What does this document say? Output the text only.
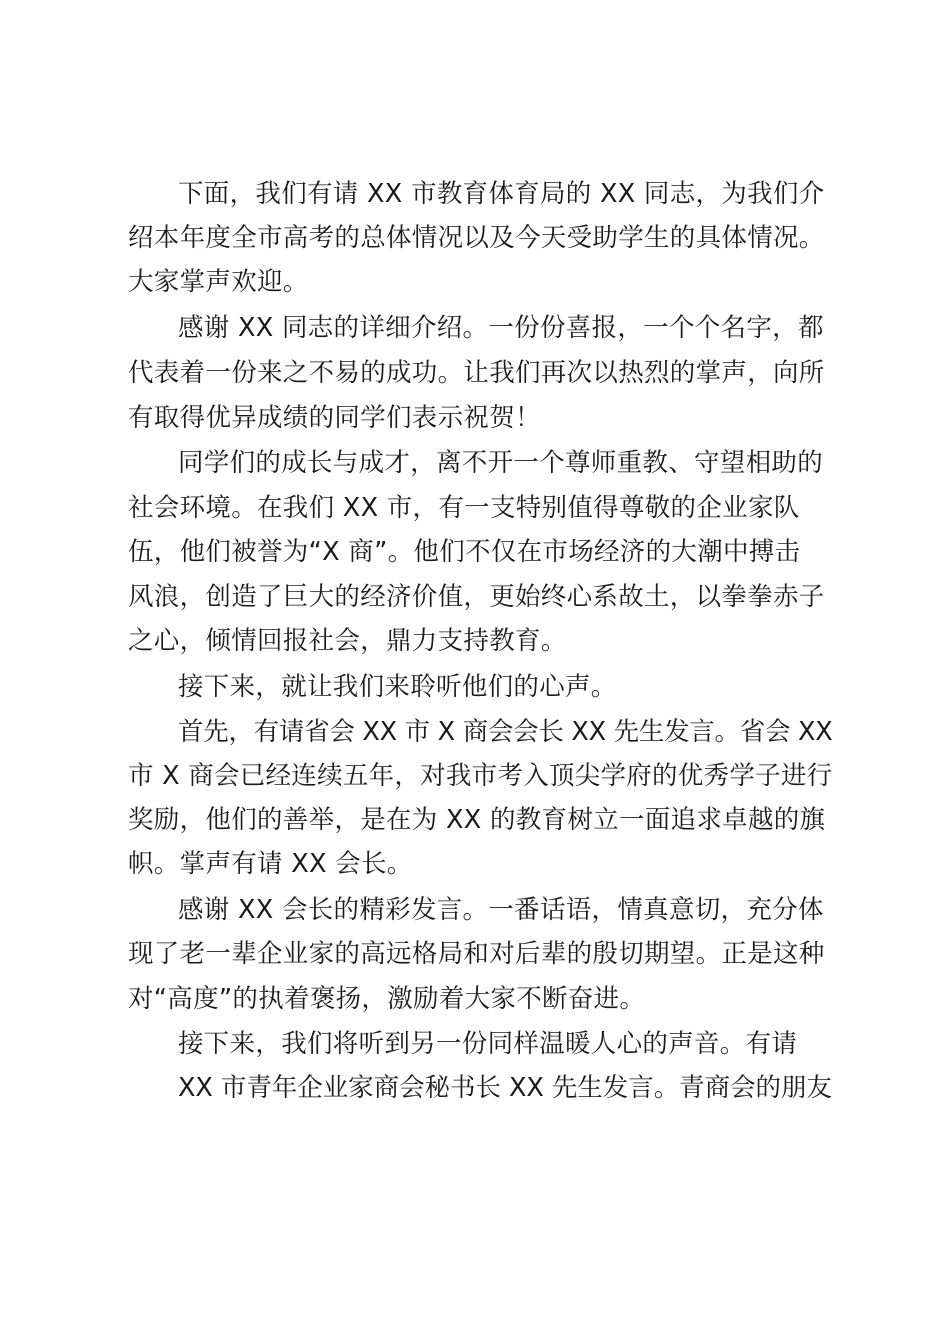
下面，我们有请 XX 市教育体育局的 XX 同志，为我们介

绍本年度全市高考的总体情况以及今天受助学生的具体情况。

大家掌声欢迎。

感谢 XX 同志的详细介绍。一份份喜报，一个个名字，都

代表着一份来之不易的成功。让我们再次以热烈的掌声，向所

有取得优异成绩的同学们表示祝贺！

同学们的成长与成才，离不开一个尊师重教、守望相助的

社会环境。在我们 XX 市，有一支特别值得尊敬的企业家队

伍，他们被誉为“X 商”。他们不仅在市场经济的大潮中搏击

风浪，创造了巨大的经济价值，更始终心系故土，以拳拳赤子

之心，倾情回报社会，鼎力支持教育。

接下来，就让我们来聆听他们的心声。

首先，有请省会 XX 市 X 商会会长 XX 先生发言。省会 XX

市 X 商会已经连续五年，对我市考入顶尖学府的优秀学子进行

奖励，他们的善举，是在为 XX 的教育树立一面追求卓越的旗

帜。掌声有请 XX 会长。

感谢 XX 会长的精彩发言。一番话语，情真意切，充分体

现了老一辈企业家的高远格局和对后辈的殷切期望。正是这种

对“高度”的执着褒扬，激励着大家不断奋进。

接下来，我们将听到另一份同样温暖人心的声音。有请

XX 市青年企业家商会秘书长 XX 先生发言。青商会的朋友
